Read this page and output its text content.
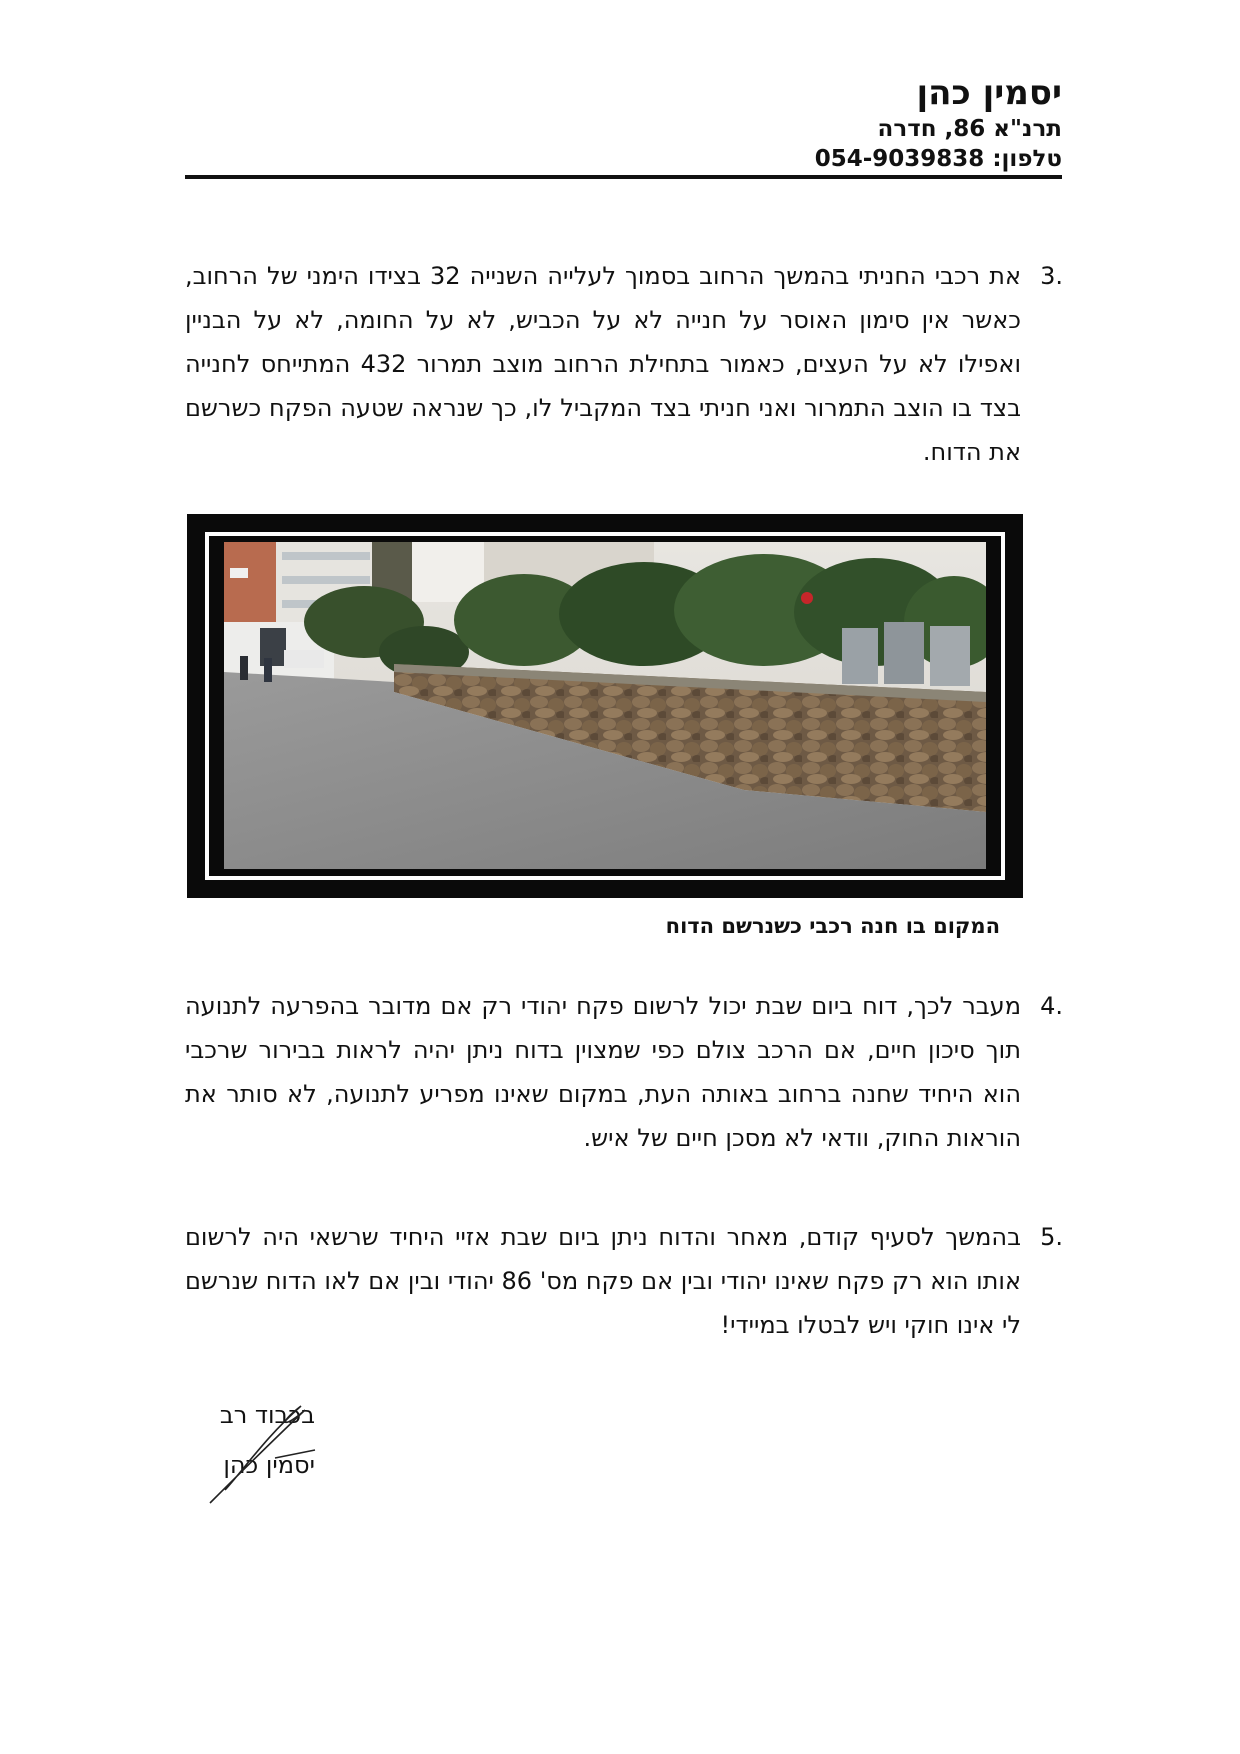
יסמין כהן
תרנ"א 86, חדרה
טלפון: 054-9039838
3.
את רכבי החניתי בהמשך הרחוב בסמוך לעלייה השנייה 32 בצידו הימני של הרחוב, כאשר אין סימון האוסר על חנייה לא על הכביש, לא על החומה, לא על הבניין ואפילו לא על העצים, כאמור בתחילת הרחוב מוצב תמרור 432 המתייחס לחנייה בצד בו הוצב התמרור ואני חניתי בצד המקביל לו, כך שנראה שטעה הפקח כשרשם את הדוח.
המקום בו חנה רכבי כשנרשם הדוח
4.
מעבר לכך, דוח ביום שבת יכול לרשום פקח יהודי רק אם מדובר בהפרעה לתנועה תוך סיכון חיים, אם הרכב צולם כפי שמצוין בדוח ניתן יהיה לראות בבירור שרכבי הוא היחיד שחנה ברחוב באותה העת, במקום שאינו מפריע לתנועה, לא סותר את הוראות החוק, וודאי לא מסכן חיים של איש.
5.
בהמשך לסעיף קודם, מאחר והדוח ניתן ביום שבת אזיי היחיד שרשאי היה לרשום אותו הוא רק פקח שאינו יהודי ובין אם פקח מס' 86 יהודי ובין אם לאו הדוח שנרשם לי אינו חוקי ויש לבטלו במיידי!
בכבוד רב
יסמין כהן
